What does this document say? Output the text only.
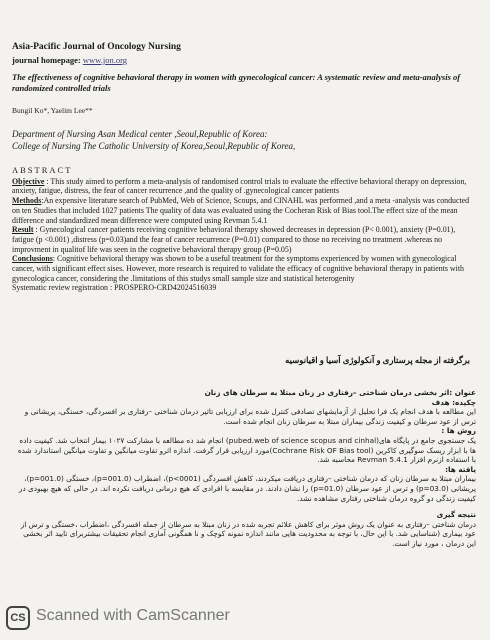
Asia-Pacific Journal of Oncology Nursing
journal homepage: www.jon.org
The effectiveness of cognitive behavioral therapy in women with gynecological cancer: A systematic review and meta-analysis of randomized controlled trials
Bungil Ko*, Yaelim Lee**
Department of Nursing Asan Medical center ,Seoul,Republic of Korea:
College of Nursing The Catholic University of Korea,Seoul,Republic of Korea,

ABSTRACT

Objective : This study aimed to perform a meta-analysis of randomised control trials to evaluate the effective behavioral therapy on depression, anxiety, fatigue, distress, the fear of cancer recurrence ,and the quality of .gynecological cancer patients

Methods:An expensive literature search of PubMed, Web of Science, Scoups, and CINAHL was performed ,and a meta -analysis was conducted on ten Studies that included 1027 patients The quality of data was evaluated using the Cocheran Risk of Bias tool.The effect size of the mean difference and standardized mean difference were computed using Revman 5.4.1

Result : Gynecological cancer patients receiving cognitive behavioral therapy showed decreases in depression (P< 0.001), anxiety (P=0.01), fatigue (p <0.001) ,distress (p=0.03)and the fear of cancer recurrence (P=0.01) compared to those no receiving no treatment .whereas no improvment in qualitof life was seen in the cognetive behavioral therapy group (P=0.05)

Conclusions: Cognitive behavioral therapy was shown to be a useful treatment for the symptoms experienced by women with gynecological cancer, with significant effect sises. However, more research is required to validate the efficacy of cognitive behavioral therapy in patients with gynecologica cancer, considering the .limitations of this studys small sample size and statistical heterogenity

Systematic review registration : PROSPERO-CRD42024516039

برگرفته از مجله پرستاری و آنکولوژی آسیا و اقیانوسیه

عنوان :اثر بخشی درمان شناختی –رفتاری در زنان مبتلا به سرطان های زنان

چکیده: هدف

این مطالعه با هدف انجام یک فرا تحلیل از آزمایشهای تصادفی کنترل شده برای ارزیابی تاثیر درمان شناختی –رفتاری بر افسردگی، خستگی، پریشانی و ترس از عود سرطان و کیفیت زندگی بیماران مبتلا به سرطان زنان انجام شده است.

روش ها :

یک جستجوی جامع در پایگاه های(pubed.web of science scopus and cinhal) انجام شد ده مطالعه با مشارکت ۱۰۲۷ بیمار انتخاب شد. کیفیت داده ها با ابزار ریسک سوگیری کاکرین (Cochrane Risk OF Bias tool)مورد ارزیابی قرار گرفت. اندازه اثرو تفاوت میانگین و تفاوت میانگین استاندارد شده با استفاده ازنرم افزار Revman 5.4.1 محاسبه شد.

یافته ها:

بیماران مبتلا به سرطان زنان که درمان شناختی –رفتاری دریافت میکردند، کاهش افسردگی (p<0001)، اضطراب (p=001.0)، خستگی (p=001.0)، پریشانی (p=03.0) و ترس از عود سرطان (p=01.0) را نشان دادند. در مقایسه با افرادی که هیچ درمانی دریافت نکرده اند. در حالی که هیچ بهبودی در کیفیت زندگی دو گروه درمان شناختی رفتاری مشاهده نشد.

نتیجه گیری

درمان شناختی –رفتاری به عنوان یک روش موثر برای کاهش علائم تجربه شده در زنان مبتلا به سرطان از جمله افسردگی ،اضطراب ،خستگی و ترس از عود بیماری (شناسایی شد. با این حال، با توجه به محدودیت هایی مانند اندازه نمونه کوچک و نا همگونی آماری انجام تحقیقات بیشتربرای تایید اثر بخشی این درمان ، مورد نیاز است.

CS Scanned with CamScanner
